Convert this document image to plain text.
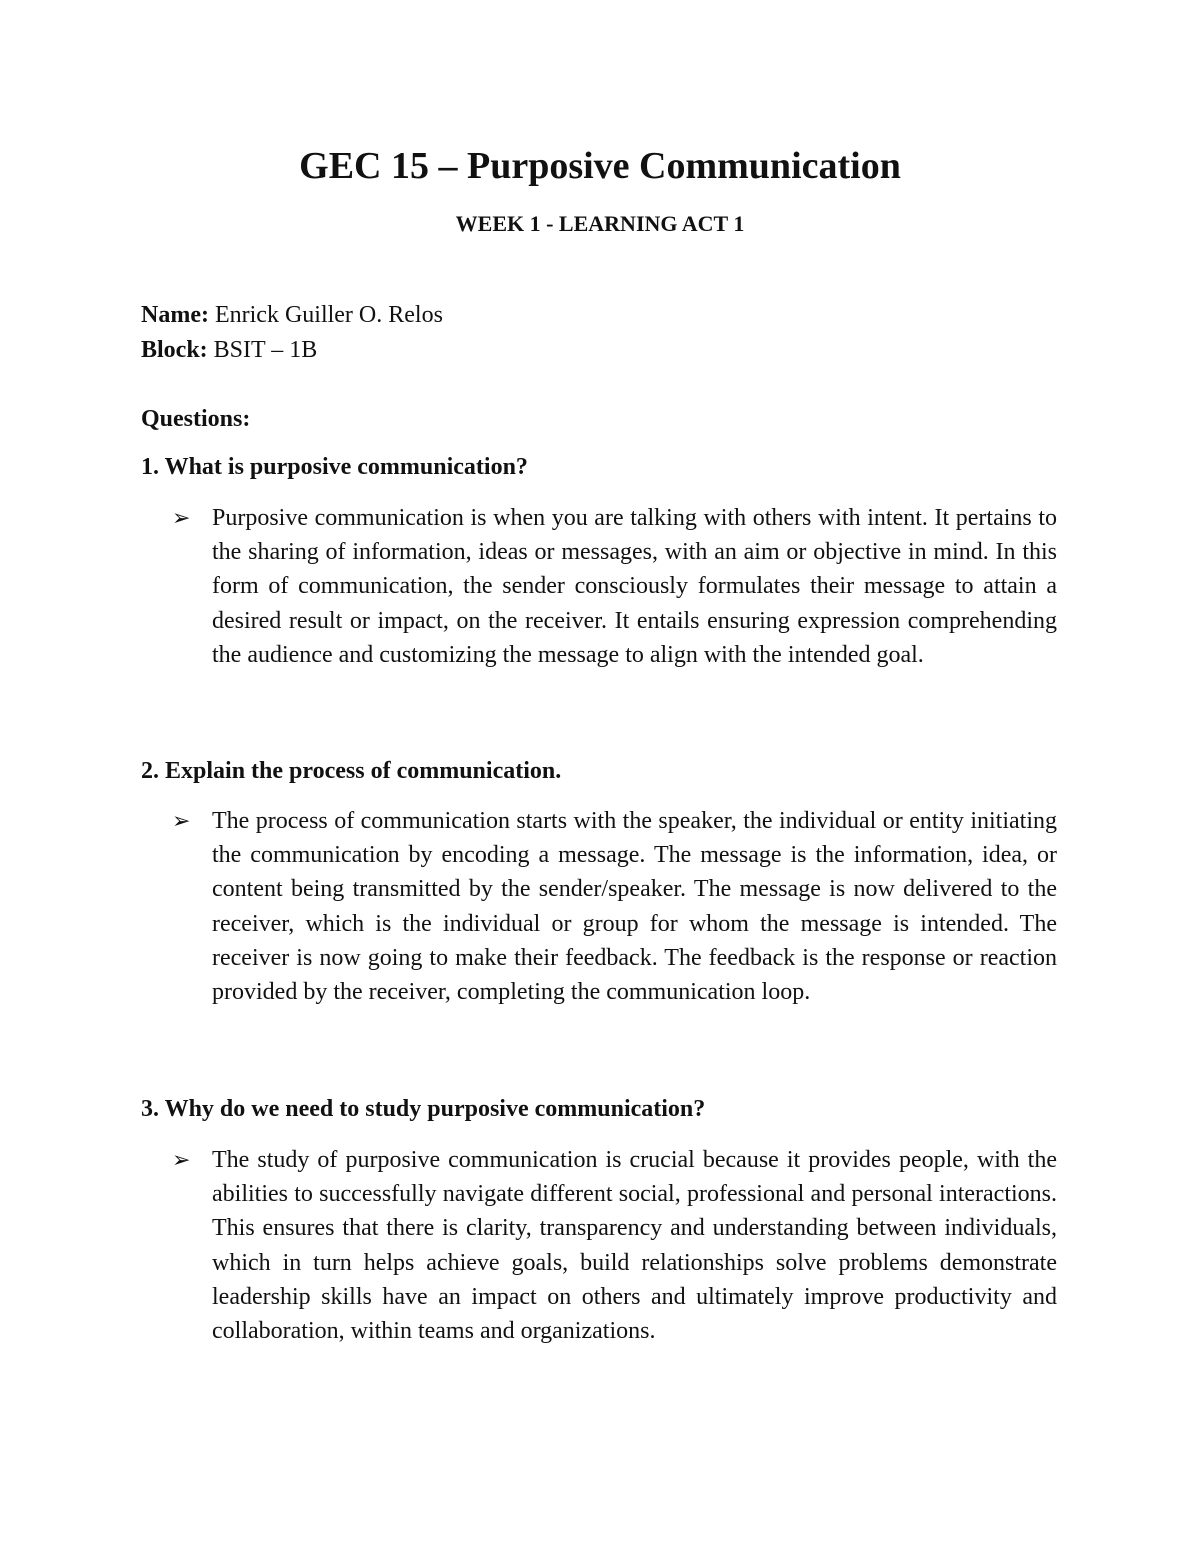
GEC 15 – Purposive Communication
WEEK 1 - LEARNING ACT 1
Name: Enrick Guiller O. Relos
Block: BSIT – 1B
Questions:
1. What is purposive communication?
➢ Purposive communication is when you are talking with others with intent. It pertains to the sharing of information, ideas or messages, with an aim or objective in mind. In this form of communication, the sender consciously formulates their message to attain a desired result or impact, on the receiver. It entails ensuring expression comprehending the audience and customizing the message to align with the intended goal.
2. Explain the process of communication.
➢ The process of communication starts with the speaker, the individual or entity initiating the communication by encoding a message. The message is the information, idea, or content being transmitted by the sender/speaker. The message is now delivered to the receiver, which is the individual or group for whom the message is intended. The receiver is now going to make their feedback. The feedback is the response or reaction provided by the receiver, completing the communication loop.
3. Why do we need to study purposive communication?
➢ The study of purposive communication is crucial because it provides people, with the abilities to successfully navigate different social, professional and personal interactions. This ensures that there is clarity, transparency and understanding between individuals, which in turn helps achieve goals, build relationships solve problems demonstrate leadership skills have an impact on others and ultimately improve productivity and collaboration, within teams and organizations.
